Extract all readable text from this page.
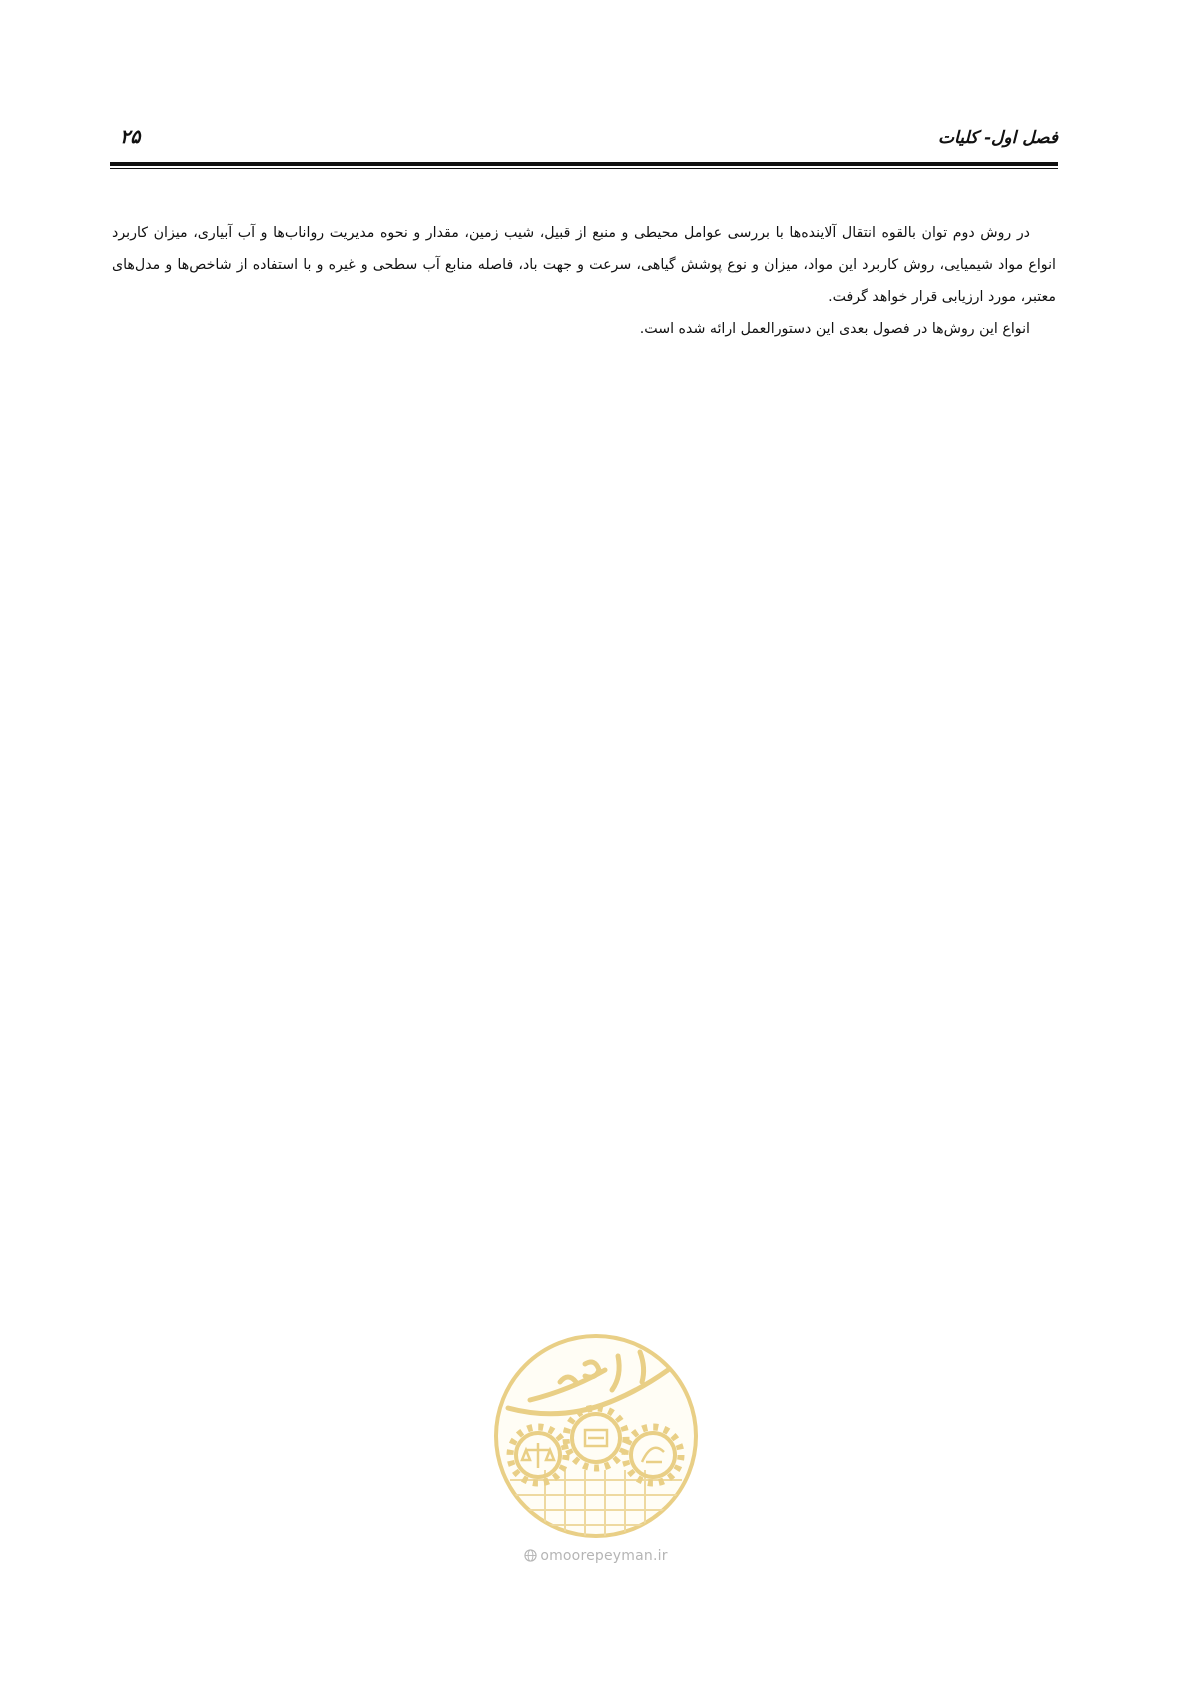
فصل اول- کلیات
۲۵

در روش دوم توان بالقوه انتقال آلاینده‌ها با بررسی عوامل محیطی و منبع از قبیل، شیب زمین، مقدار و نحوه مدیریت رواناب‌ها و آب آبیاری، میزان کاربرد انواع مواد شیمیایی، روش کاربرد این مواد، میزان و نوع پوشش گیاهی، سرعت و جهت باد، فاصله منابع آب سطحی و غیره و با استفاده از شاخص‌ها و مدل‌های معتبر، مورد ارزیابی قرار خواهد گرفت.

انواع این روش‌ها در فصول بعدی این دستورالعمل ارائه شده است.

omoorepeyman.ir
